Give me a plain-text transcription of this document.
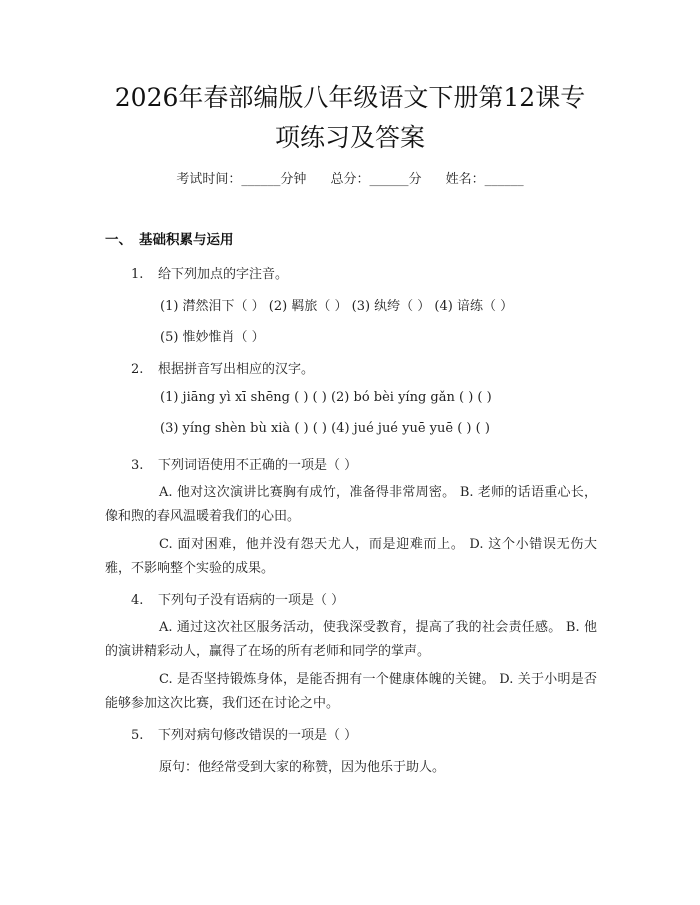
2026年春部编版八年级语文下册第12课专
项练习及答案
考试时间：______分钟 总分：______分 姓名：______
一、 基础积累与运用
1. 给下列加点的字注音。
(1) 潸然泪下（ ） (2) 羁旅（ ） (3) 纨绔（ ） (4) 谙练（ ）
(5) 惟妙惟肖（ ）
2. 根据拼音写出相应的汉字。
(1) jiāng yì xī shēng ( ) ( ) (2) bó bèi yíng gǎn ( ) ( )
(3) yíng shèn bù xià ( ) ( ) (4) jué jué yuē yuē ( ) ( )
3. 下列词语使用不正确的一项是（ ）
A. 他对这次演讲比赛胸有成竹，准备得非常周密。 B. 老师的话语重心长，像和煦的春风温暖着我们的心田。
C. 面对困难，他并没有怨天尤人，而是迎难而上。 D. 这个小错误无伤大雅，不影响整个实验的成果。
4. 下列句子没有语病的一项是（ ）
A. 通过这次社区服务活动，使我深受教育，提高了我的社会责任感。 B. 他的演讲精彩动人，赢得了在场的所有老师和同学的掌声。
C. 是否坚持锻炼身体，是能否拥有一个健康体魄的关键。 D. 关于小明是否能够参加这次比赛，我们还在讨论之中。
5. 下列对病句修改错误的一项是（ ）
原句：他经常受到大家的称赞，因为他乐于助人。
